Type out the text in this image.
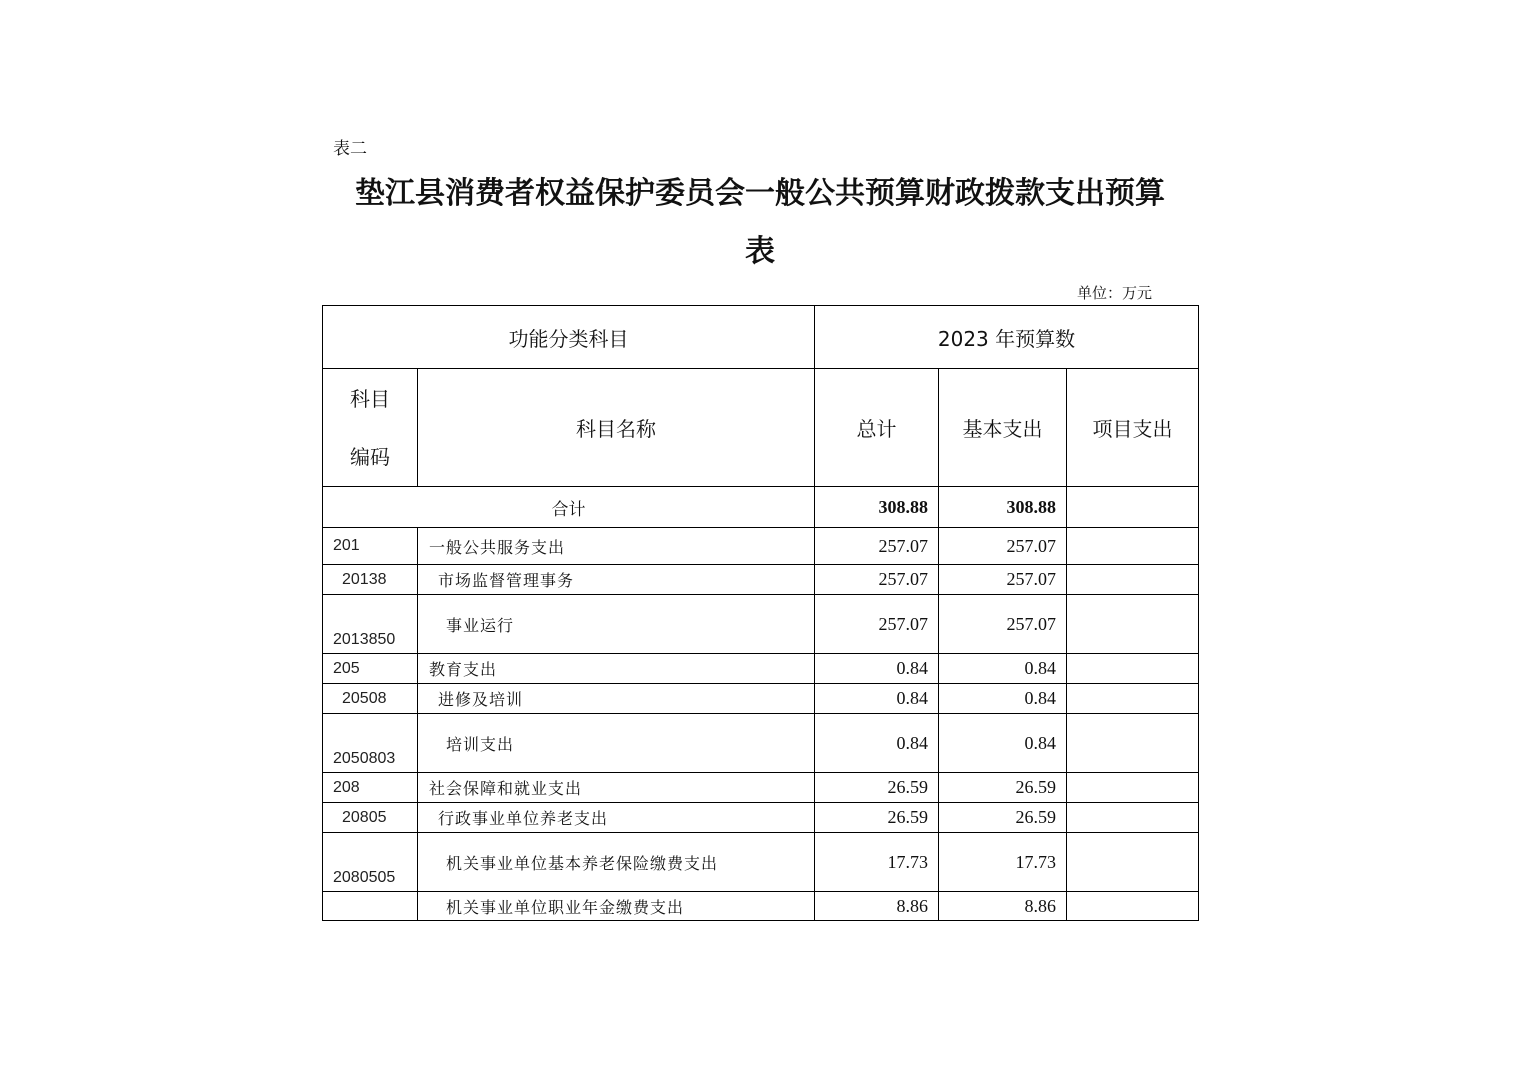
表二
垫江县消费者权益保护委员会一般公共预算财政拨款支出预算
表
单位：万元
功能分类科目		2023 年预算数		

科目
编码	科目名称	总计	基本支出	项目支出
合计		308.88	308.88	
201	一般公共服务支出	257.07	257.07	
20138	市场监督管理事务	257.07	257.07	
2013850	事业运行	257.07	257.07	
205	教育支出	0.84	0.84	
20508	进修及培训	0.84	0.84	
2050803	培训支出	0.84	0.84	
208	社会保障和就业支出	26.59	26.59	
20805	行政事业单位养老支出	26.59	26.59	
2080505	机关事业单位基本养老保险缴费支出	17.73	17.73	
	机关事业单位职业年金缴费支出	8.86	8.86	
